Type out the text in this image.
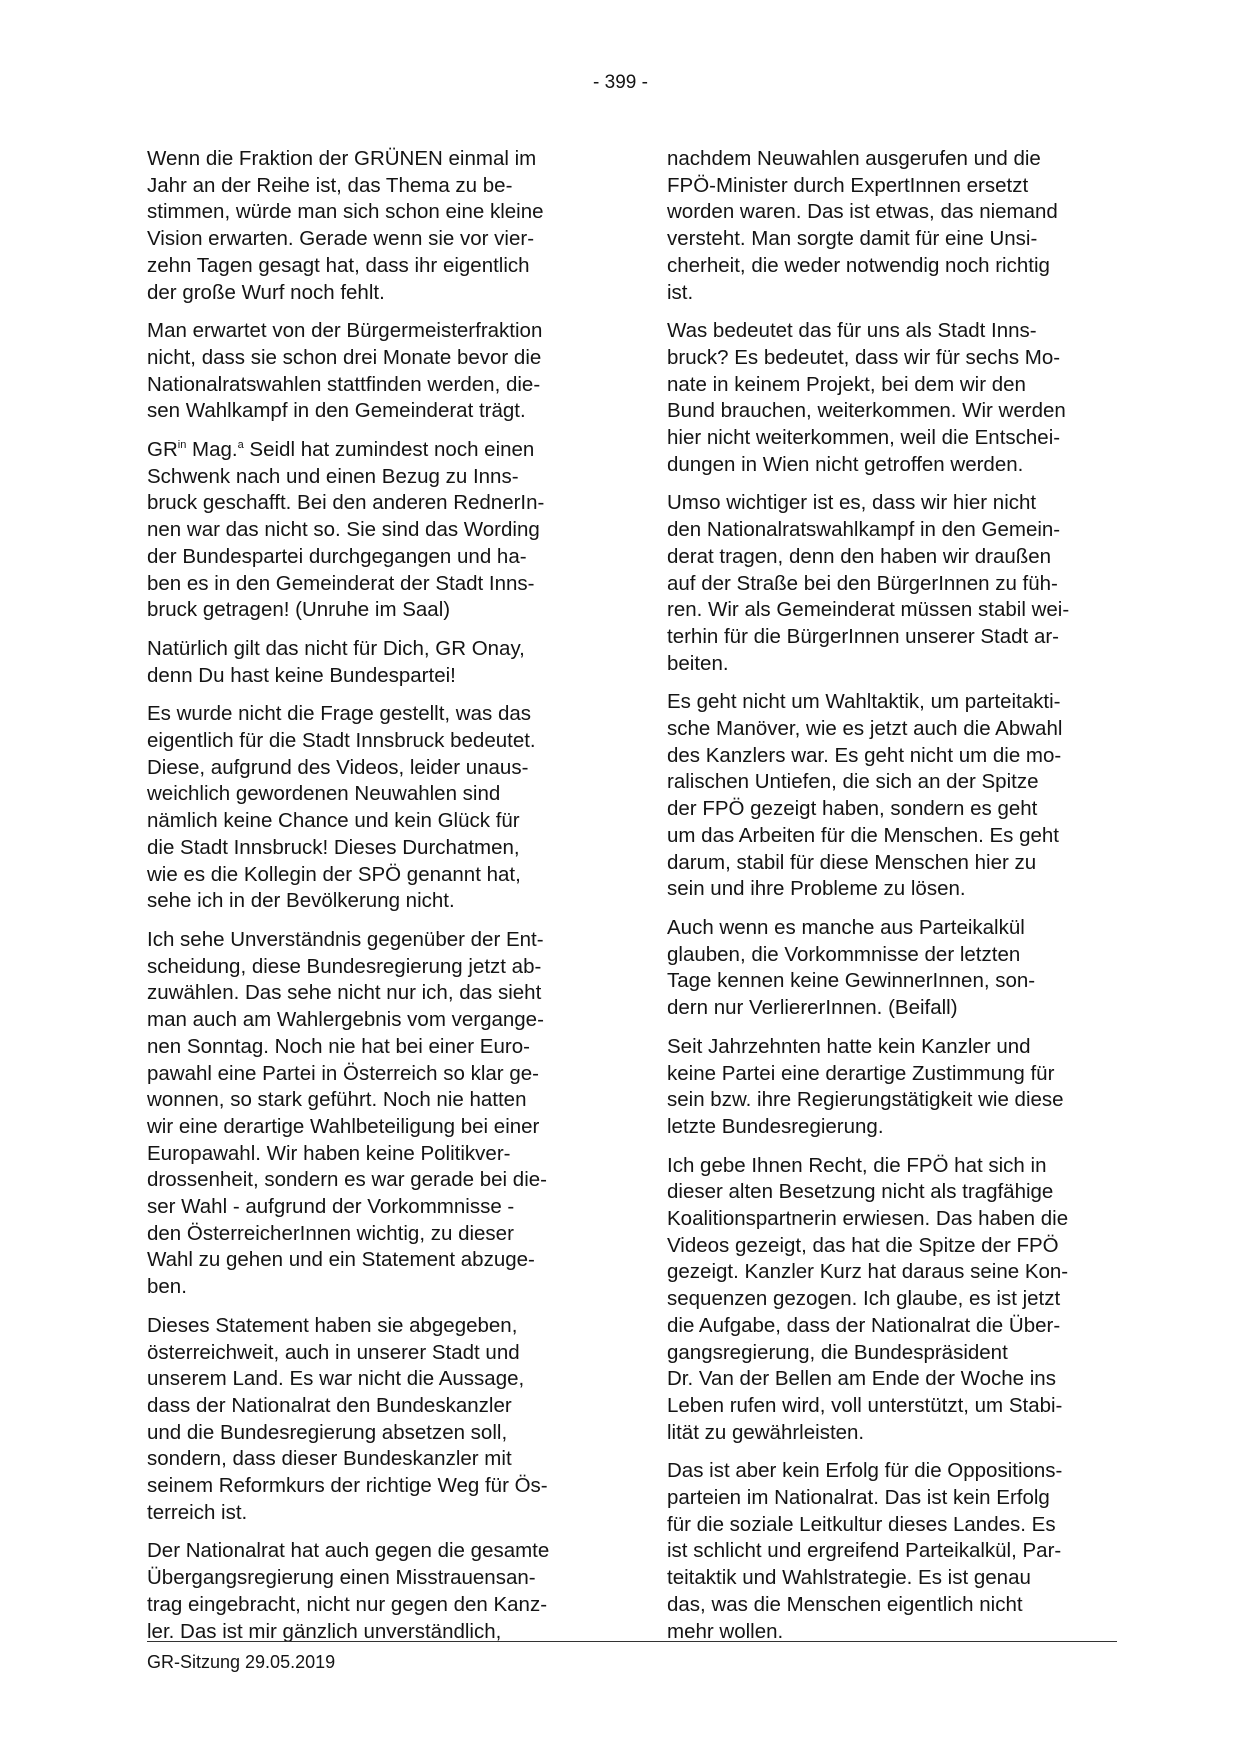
- 399 -

Wenn die Fraktion der GRÜNEN einmal im
Jahr an der Reihe ist, das Thema zu be-
stimmen, würde man sich schon eine kleine
Vision erwarten. Gerade wenn sie vor vier-
zehn Tagen gesagt hat, dass ihr eigentlich
der große Wurf noch fehlt.

Man erwartet von der Bürgermeisterfraktion
nicht, dass sie schon drei Monate bevor die
Nationalratswahlen stattfinden werden, die-
sen Wahlkampf in den Gemeinderat trägt.

$GR^{in}$ Mag.$^a$ Seidl hat zumindest noch einen
Schwenk nach und einen Bezug zu Inns-
bruck geschafft. Bei den anderen RednerIn-
nen war das nicht so. Sie sind das Wording
der Bundespartei durchgegangen und ha-
ben es in den Gemeinderat der Stadt Inns-
bruck getragen! (Unruhe im Saal)

Natürlich gilt das nicht für Dich, GR Onay,
denn Du hast keine Bundespartei!

Es wurde nicht die Frage gestellt, was das
eigentlich für die Stadt Innsbruck bedeutet.
Diese, aufgrund des Videos, leider unaus-
weichlich gewordenen Neuwahlen sind
nämlich keine Chance und kein Glück für
die Stadt Innsbruck! Dieses Durchatmen,
wie es die Kollegin der SPÖ genannt hat,
sehe ich in der Bevölkerung nicht.

Ich sehe Unverständnis gegenüber der Ent-
scheidung, diese Bundesregierung jetzt ab-
zuwählen. Das sehe nicht nur ich, das sieht
man auch am Wahlergebnis vom vergange-
nen Sonntag. Noch nie hat bei einer Euro-
pawahl eine Partei in Österreich so klar ge-
wonnen, so stark geführt. Noch nie hatten
wir eine derartige Wahlbeteiligung bei einer
Europawahl. Wir haben keine Politikver-
drossenheit, sondern es war gerade bei die-
ser Wahl - aufgrund der Vorkommnisse -
den ÖsterreicherInnen wichtig, zu dieser
Wahl zu gehen und ein Statement abzuge-
ben.

Dieses Statement haben sie abgegeben,
österreichweit, auch in unserer Stadt und
unserem Land. Es war nicht die Aussage,
dass der Nationalrat den Bundeskanzler
und die Bundesregierung absetzen soll,
sondern, dass dieser Bundeskanzler mit
seinem Reformkurs der richtige Weg für Ös-
terreich ist.

Der Nationalrat hat auch gegen die gesamte
Übergangsregierung einen Misstrauensan-
trag eingebracht, nicht nur gegen den Kanz-
ler. Das ist mir gänzlich unverständlich,

nachdem Neuwahlen ausgerufen und die
FPÖ-Minister durch ExpertInnen ersetzt
worden waren. Das ist etwas, das niemand
versteht. Man sorgte damit für eine Unsi-
cherheit, die weder notwendig noch richtig
ist.

Was bedeutet das für uns als Stadt Inns-
bruck? Es bedeutet, dass wir für sechs Mo-
nate in keinem Projekt, bei dem wir den
Bund brauchen, weiterkommen. Wir werden
hier nicht weiterkommen, weil die Entschei-
dungen in Wien nicht getroffen werden.

Umso wichtiger ist es, dass wir hier nicht
den Nationalratswahlkampf in den Gemein-
derat tragen, denn den haben wir draußen
auf der Straße bei den BürgerInnen zu füh-
ren. Wir als Gemeinderat müssen stabil wei-
terhin für die BürgerInnen unserer Stadt ar-
beiten.

Es geht nicht um Wahltaktik, um parteitakti-
sche Manöver, wie es jetzt auch die Abwahl
des Kanzlers war. Es geht nicht um die mo-
ralischen Untiefen, die sich an der Spitze
der FPÖ gezeigt haben, sondern es geht
um das Arbeiten für die Menschen. Es geht
darum, stabil für diese Menschen hier zu
sein und ihre Probleme zu lösen.

Auch wenn es manche aus Parteikalkül
glauben, die Vorkommnisse der letzten
Tage kennen keine GewinnerInnen, son-
dern nur VerliererInnen. (Beifall)

Seit Jahrzehnten hatte kein Kanzler und
keine Partei eine derartige Zustimmung für
sein bzw. ihre Regierungstätigkeit wie diese
letzte Bundesregierung.

Ich gebe Ihnen Recht, die FPÖ hat sich in
dieser alten Besetzung nicht als tragfähige
Koalitionspartnerin erwiesen. Das haben die
Videos gezeigt, das hat die Spitze der FPÖ
gezeigt. Kanzler Kurz hat daraus seine Kon-
sequenzen gezogen. Ich glaube, es ist jetzt
die Aufgabe, dass der Nationalrat die Über-
gangsregierung, die Bundespräsident
Dr. Van der Bellen am Ende der Woche ins
Leben rufen wird, voll unterstützt, um Stabi-
lität zu gewährleisten.

Das ist aber kein Erfolg für die Oppositions-
parteien im Nationalrat. Das ist kein Erfolg
für die soziale Leitkultur dieses Landes. Es
ist schlicht und ergreifend Parteikalkül, Par-
teitaktik und Wahlstrategie. Es ist genau
das, was die Menschen eigentlich nicht
mehr wollen.

GR-Sitzung 29.05.2019
